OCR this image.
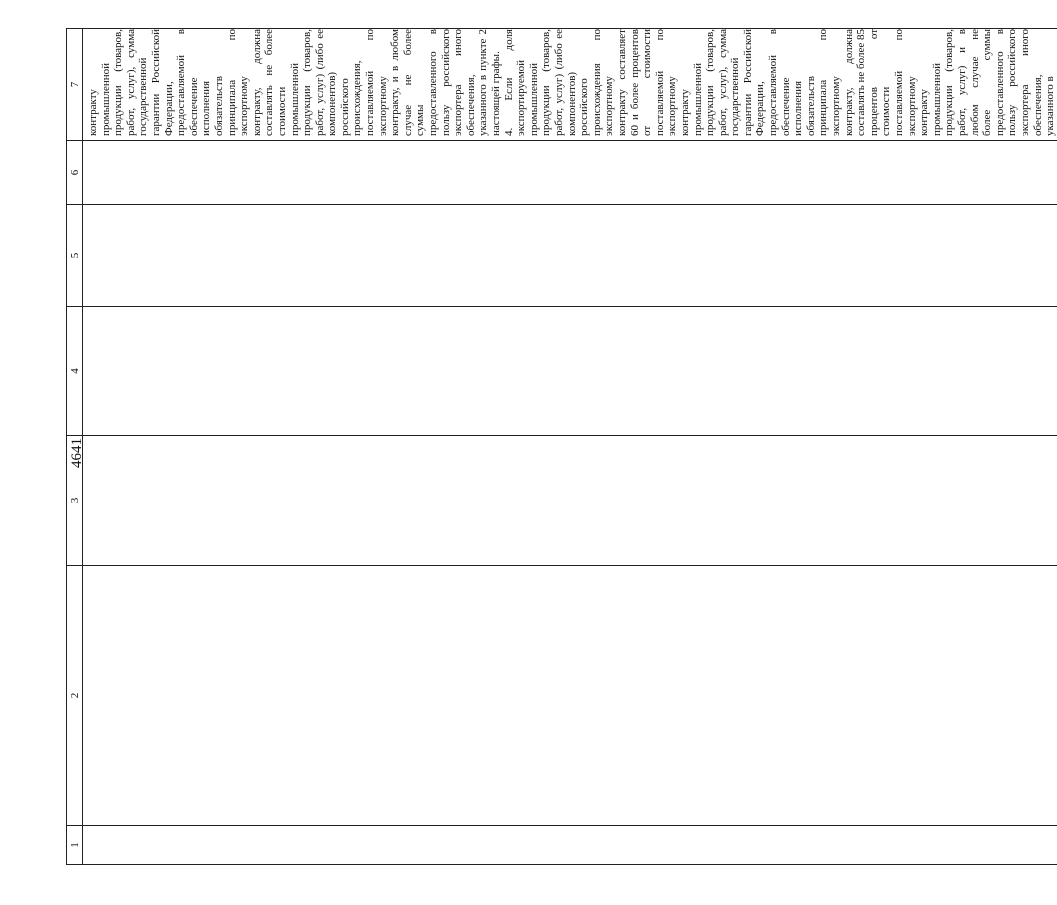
4641
1
2
3
4
5
6
7
контракту промышленной продукции (товаров, работ, услуг), сумма государственной гарантии Российской Федерации, предоставляемой в обеспечение исполнения обязательств принципала по экспортному контракту, должна составлять не более стоимости промышленной продукции (товаров, работ, услуг) (либо ее компонентов) российского происхождения, поставляемой по экспортному контракту, и в любом случае не более суммы предоставленного в пользу российского экспортера иного обеспечения, указанного в пункте 2 настоящей графы.
4. Если доля экспортируемой промышленной продукции (товаров, работ, услуг) (либо ее компонентов) российского происхождения по экспортному контракту составляет 60 и более процентов от стоимости поставляемой по экспортному контракту промышленной продукции (товаров, работ, услуг), сумма государственной гарантии Российской Федерации, предоставляемой в обеспечение исполнения обязательств принципала по экспортному контракту, должна составлять не более 85 процентов от стоимости поставляемой по экспортному контракту промышленной продукции (товаров, работ, услуг) и в любом случае не более суммы предоставленного в пользу российского экспортера иного обеспечения, указанного в
